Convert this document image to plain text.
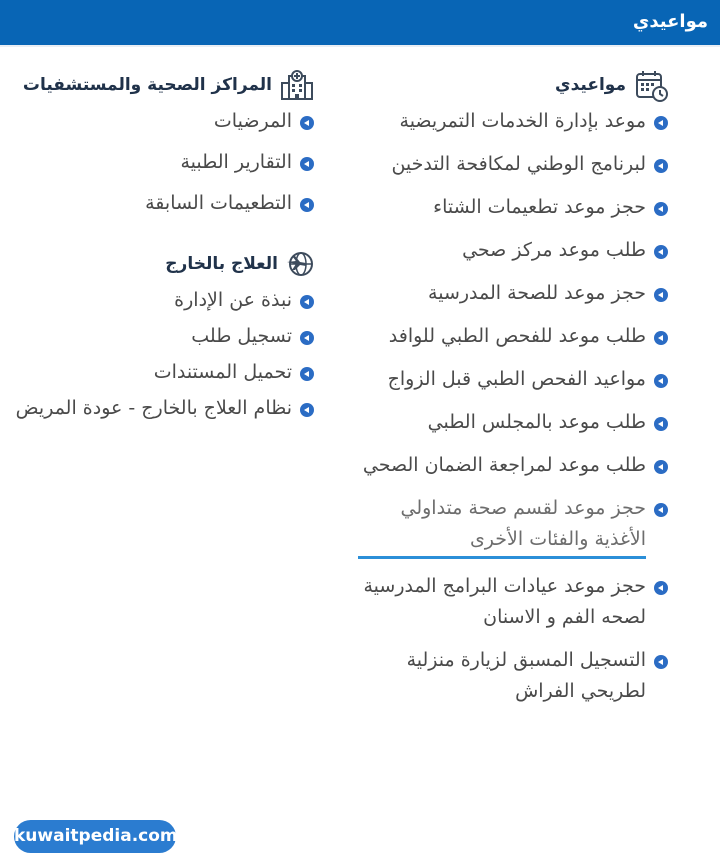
مواعيدي
مواعيدي
موعد بإدارة الخدمات التمريضية
لبرنامج الوطني لمكافحة التدخين
حجز موعد تطعيمات الشتاء
طلب موعد مركز صحي
حجز موعد للصحة المدرسية
طلب موعد للفحص الطبي للوافد
مواعيد الفحص الطبي قبل الزواج
طلب موعد بالمجلس الطبي
طلب موعد لمراجعة الضمان الصحي
حجز موعد لقسم صحة متداولي الأغذية والفئات الأخرى
حجز موعد عيادات البرامج المدرسية لصحه الفم و الاسنان
التسجيل المسبق لزيارة منزلية لطريحي الفراش
المراكز الصحية والمستشفيات
المرضيات
التقارير الطبية
التطعيمات السابقة
العلاج بالخارج
نبذة عن الإدارة
تسجيل طلب
تحميل المستندات
نظام العلاج بالخارج - عودة المريض
kuwaitpedia.com
